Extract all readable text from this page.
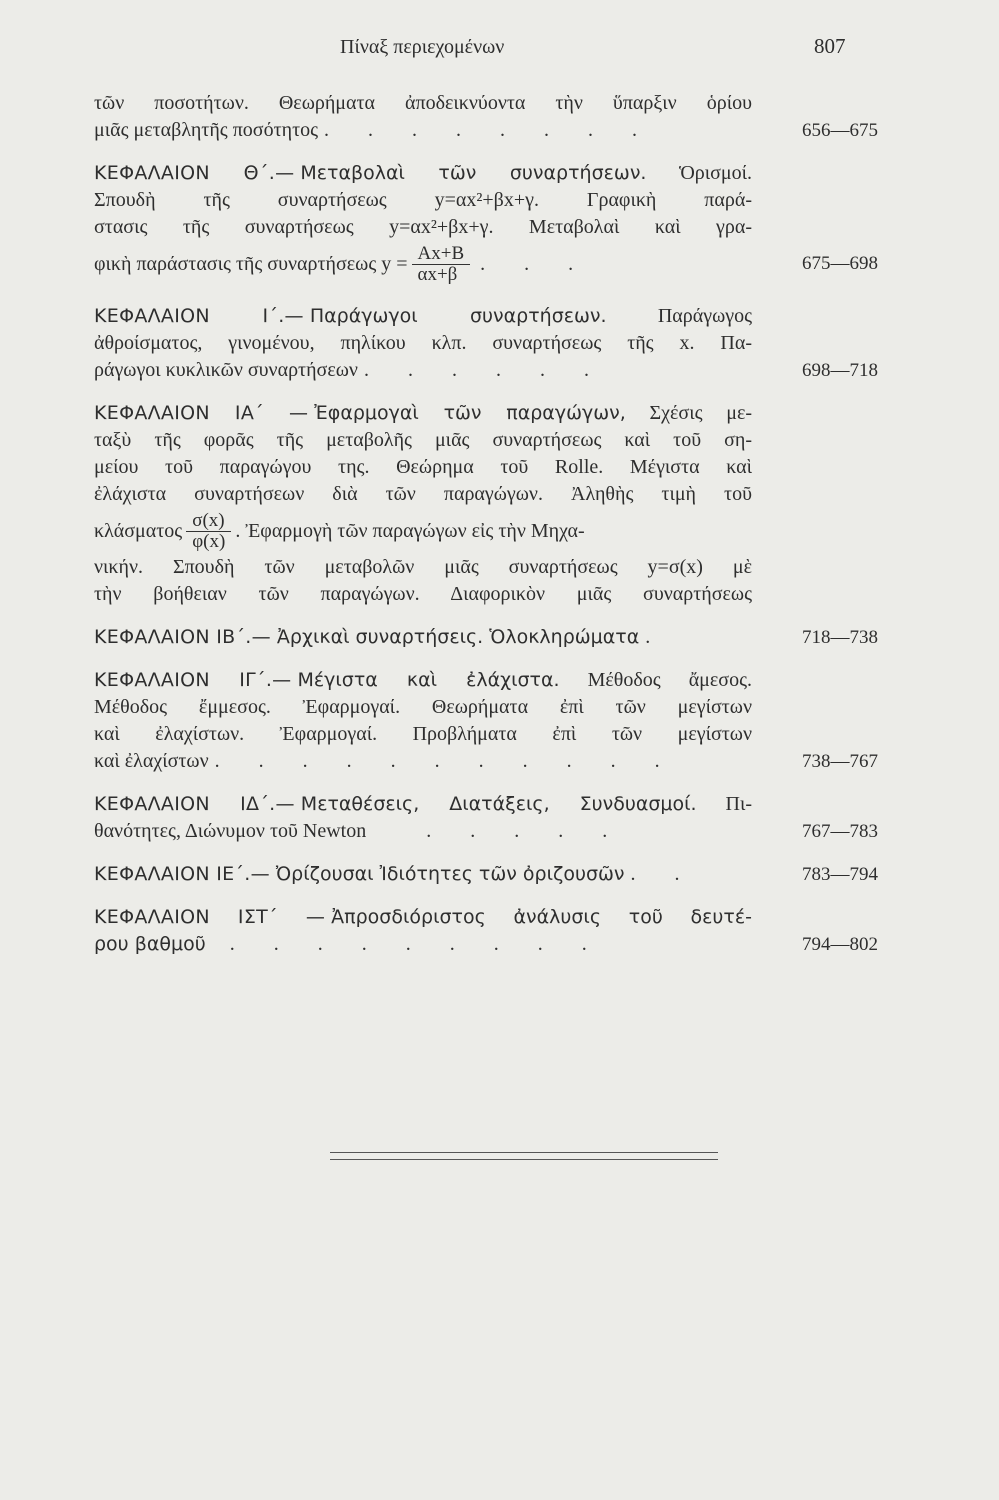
Πίναξ περιεχομένων	807
τῶν ποσοτήτων. Θεωρήματα ἀποδεικνύοντα τὴν ὕπαρξιν ὁρίου
μιᾶς μεταβλητῆς ποσότητος . . . . . . . .	656—675
ΚΕΦΑΛΑΙΟΝ Θ΄.— Μεταβολαὶ τῶν συναρτήσεων. Ὁρισμοί.
Σπουδὴ τῆς συναρτήσεως y=αx²+βx+γ. Γραφικὴ παρά-
στασις τῆς συναρτήσεως y=αx²+βx+γ. Μεταβολαὶ καὶ γρα-
φικὴ παράστασις τῆς συναρτήσεως $y = \frac{Ax+B}{\alpha x+\beta}$ . . .	675—698
ΚΕΦΑΛΑΙΟΝ Ι΄.— Παράγωγοι συναρτήσεων.	Παράγωγος
ἀθροίσματος, γινομένου, πηλίκου κλπ. συναρτήσεως τῆς x. Πα-
ράγωγοι κυκλικῶν συναρτήσεων . . . . . .	698—718
ΚΕΦΑΛΑΙΟΝ ΙΑ΄ — Ἐφαρμογαὶ τῶν παραγώγων, Σχέσις με-
ταξὺ τῆς φορᾶς τῆς μεταβολῆς μιᾶς συναρτήσεως καὶ τοῦ ση-
μείου τοῦ παραγώγου της. Θεώρημα τοῦ Rolle. Μέγιστα καὶ
ἐλάχιστα συναρτήσεων διὰ τῶν παραγώγων. Ἀληθὴς τιμὴ τοῦ
κλάσματος $\frac{\sigma(x)}{\varphi(x)}$ . Ἐφαρμογὴ τῶν παραγώγων εἰς τὴν Μηχα-
νικήν. Σπουδὴ τῶν μεταβολῶν μιᾶς συναρτήσεως y=σ(x) μὲ
τὴν βοήθειαν τῶν παραγώγων. Διαφορικὸν μιᾶς συναρτήσεως
ΚΕΦΑΛΑΙΟΝ ΙΒ΄.— Ἀρχικαὶ συναρτήσεις. Ὁλοκληρώματα .	718—738
ΚΕΦΑΛΑΙΟΝ ΙΓ΄.— Μέγιστα καὶ ἐλάχιστα. Μέθοδος ἄμεσος.
Μέθοδος ἔμμεσος. Ἐφαρμογαί. Θεωρήματα ἐπὶ τῶν μεγίστων
καὶ ἐλαχίστων. Ἐφαρμογαί. Προβλήματα ἐπὶ τῶν μεγίστων
καὶ ἐλαχίστων . . . . . . . . . . .	738—767
ΚΕΦΑΛΑΙΟΝ ΙΔ΄.— Μεταθέσεις, Διατάξεις, Συνδυασμοί. Πι-
θανότητες, Διώνυμον τοῦ Newton	. . . . .	767—783
ΚΕΦΑΛΑΙΟΝ ΙΕ΄.— Ὀρίζουσαι Ἰδιότητες τῶν ὀριζουσῶν . .	783—794
ΚΕΦΑΛΑΙΟΝ ΙΣΤ΄ — Ἀπροσδιόριστος ἀνάλυσις τοῦ δευτέ-
ρου βαθμοῦ . . . . . . . . .	794—802
